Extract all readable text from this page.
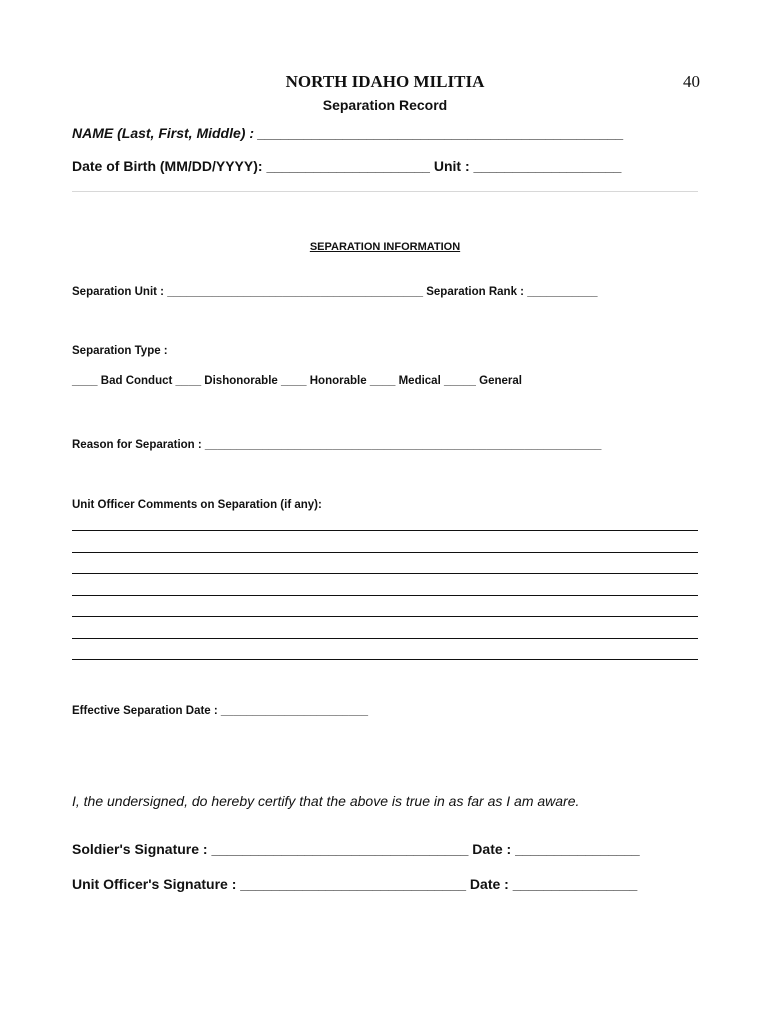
NORTH IDAHO MILITIA	40
Separation Record
NAME (Last, First, Middle) : _______________________________________________
Date of Birth (MM/DD/YYYY): _____________________ Unit : ___________________
SEPARATION INFORMATION
Separation Unit : ________________________________________ Separation Rank : ___________
Separation Type :
____ Bad Conduct ____ Dishonorable ____ Honorable ____ Medical _____ General
Reason for Separation : ______________________________________________________________
Unit Officer Comments on Separation (if any):
Effective Separation Date : _______________________
I, the undersigned, do hereby certify that the above is true in as far as I am aware.
Soldier's Signature : _________________________________ Date : ________________
Unit Officer's Signature : _____________________________ Date : ________________
